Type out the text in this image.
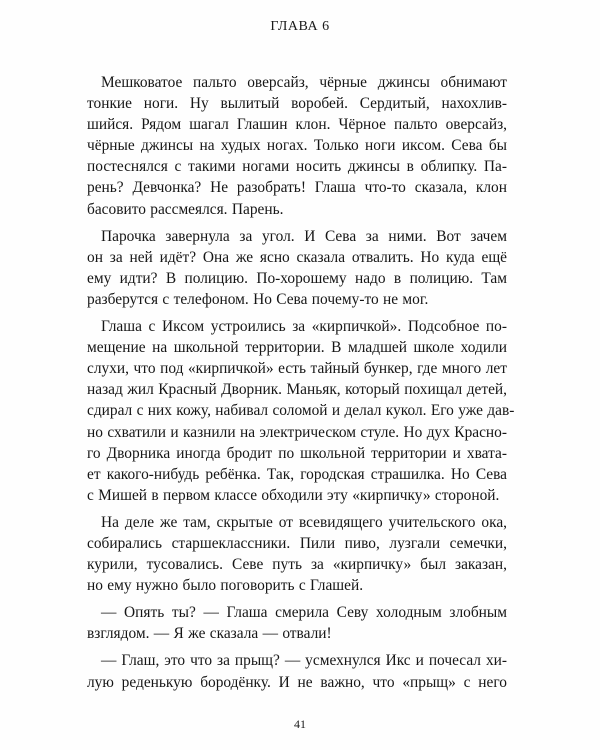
ГЛАВА 6
Мешковатое пальто оверсайз, чёрные джинсы обнимают
тонкие ноги. Ну вылитый воробей. Сердитый, нахохлив-
шийся. Рядом шагал Глашин клон. Чёрное пальто оверсайз,
чёрные джинсы на худых ногах. Только ноги иксом. Сева бы
постеснялся с такими ногами носить джинсы в облипку. Па-
рень? Девчонка? Не разобрать! Глаша что-то сказала, клон
басовито рассмеялся. Парень.
Парочка завернула за угол. И Сева за ними. Вот зачем
он за ней идёт? Она же ясно сказала отвалить. Но куда ещё
ему идти? В полицию. По-хорошему надо в полицию. Там
разберутся с телефоном. Но Сева почему-то не мог.
Глаша с Иксом устроились за «кирпичкой». Подсобное по-
мещение на школьной территории. В младшей школе ходили
слухи, что под «кирпичкой» есть тайный бункер, где много лет
назад жил Красный Дворник. Маньяк, который похищал детей,
сдирал с них кожу, набивал соломой и делал кукол. Его уже дав-
но схватили и казнили на электрическом стуле. Но дух Красно-
го Дворника иногда бродит по школьной территории и хвата-
ет какого-нибудь ребёнка. Так, городская страшилка. Но Сева
с Мишей в первом классе обходили эту «кирпичку» стороной.
На деле же там, скрытые от всевидящего учительского ока,
собирались старшеклассники. Пили пиво, лузгали семечки,
курили, тусовались. Севе путь за «кирпичку» был заказан,
но ему нужно было поговорить с Глашей.
— Опять ты? — Глаша смерила Севу холодным злобным
взглядом. — Я же сказала — отвали!
— Глаш, это что за прыщ? — усмехнулся Икс и почесал хи-
лую реденькую бородёнку. И не важно, что «прыщ» с него
41
